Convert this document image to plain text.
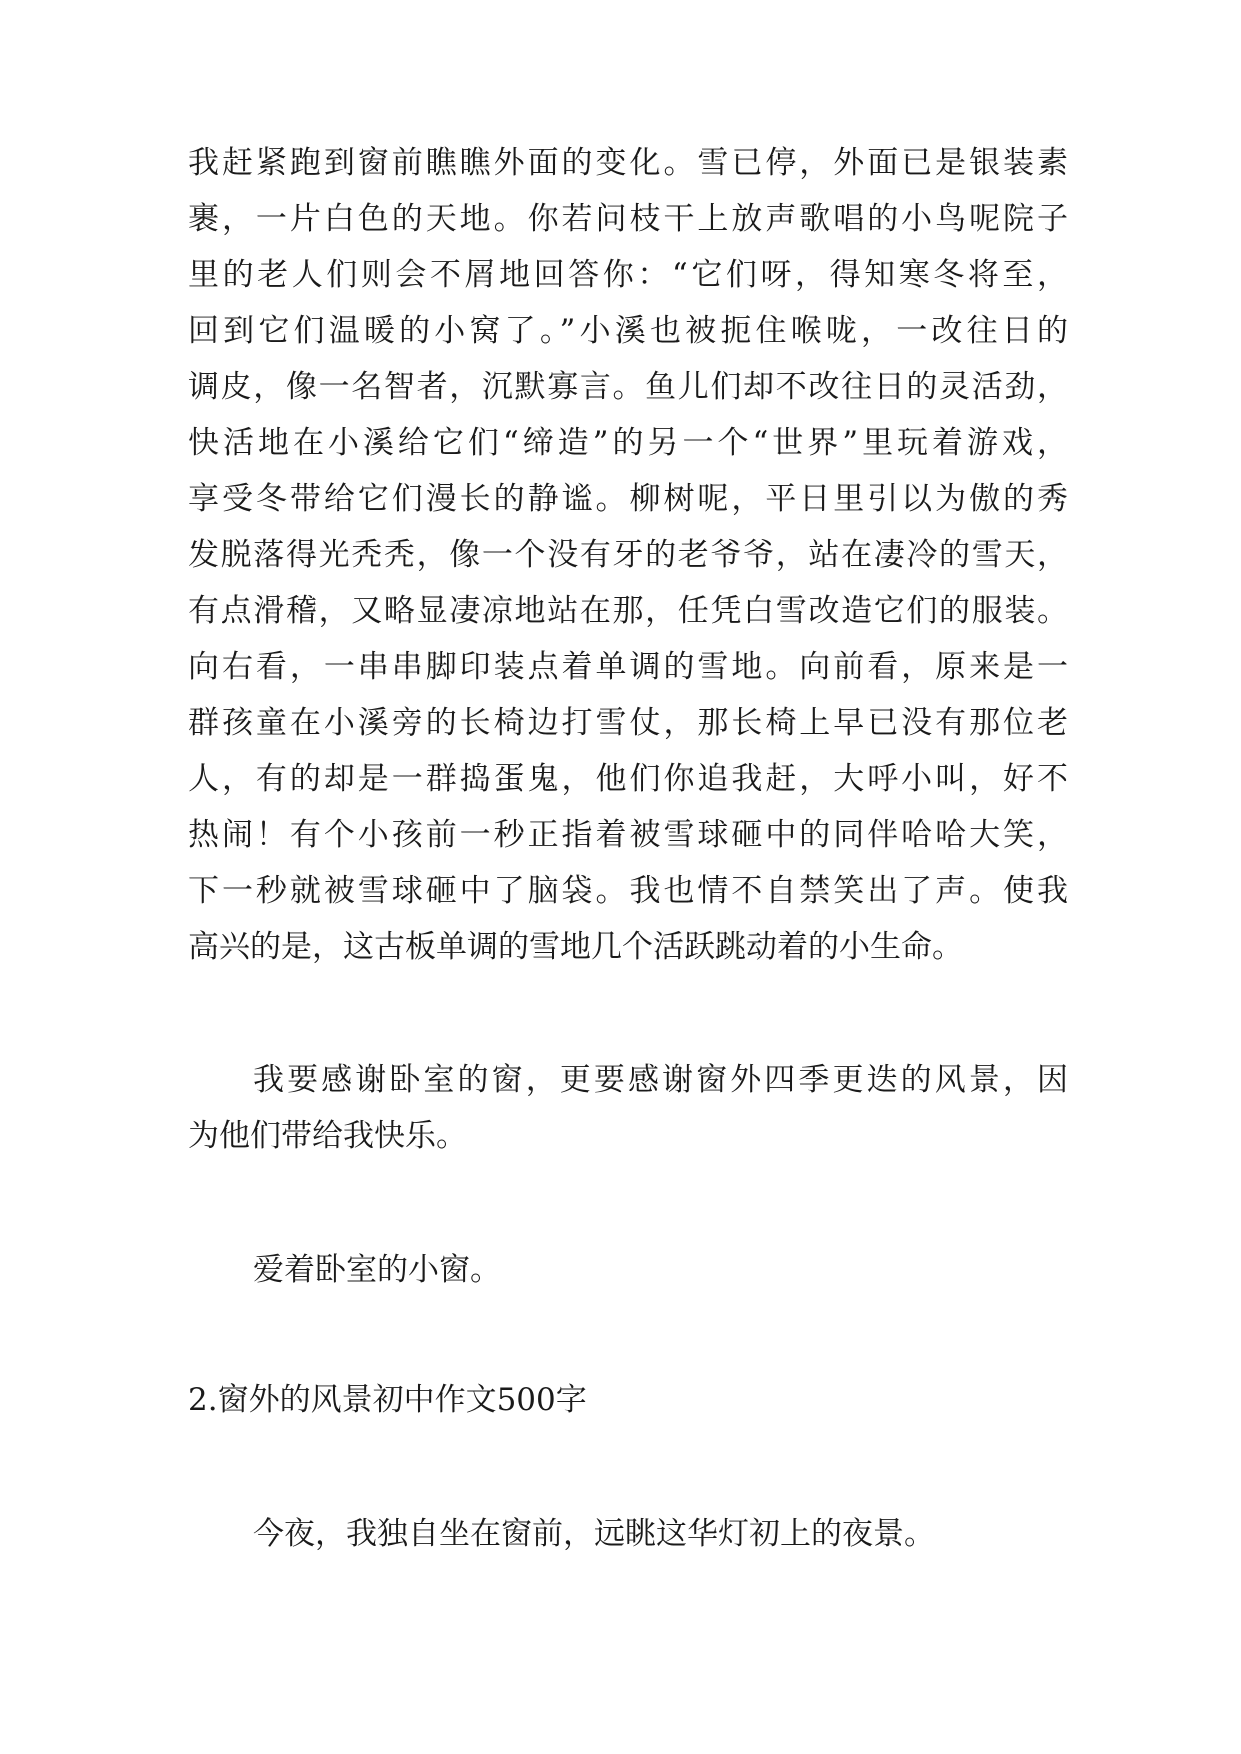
我赶紧跑到窗前瞧瞧外面的变化。雪已停，外面已是银装素
裹，一片白色的天地。你若问枝干上放声歌唱的小鸟呢院子
里的老人们则会不屑地回答你：“它们呀，得知寒冬将至，
回到它们温暖的小窝了。”小溪也被扼住喉咙，一改往日的
调皮，像一名智者，沉默寡言。鱼儿们却不改往日的灵活劲，
快活地在小溪给它们“缔造”的另一个“世界”里玩着游戏，
享受冬带给它们漫长的静谧。柳树呢，平日里引以为傲的秀
发脱落得光秃秃，像一个没有牙的老爷爷，站在凄冷的雪天，
有点滑稽，又略显凄凉地站在那，任凭白雪改造它们的服装。
向右看，一串串脚印装点着单调的雪地。向前看，原来是一
群孩童在小溪旁的长椅边打雪仗，那长椅上早已没有那位老
人，有的却是一群捣蛋鬼，他们你追我赶，大呼小叫，好不
热闹！有个小孩前一秒正指着被雪球砸中的同伴哈哈大笑，
下一秒就被雪球砸中了脑袋。我也情不自禁笑出了声。使我
高兴的是，这古板单调的雪地几个活跃跳动着的小生命。
我要感谢卧室的窗，更要感谢窗外四季更迭的风景，因
为他们带给我快乐。
爱着卧室的小窗。
2.窗外的风景初中作文500字
今夜，我独自坐在窗前，远眺这华灯初上的夜景。
